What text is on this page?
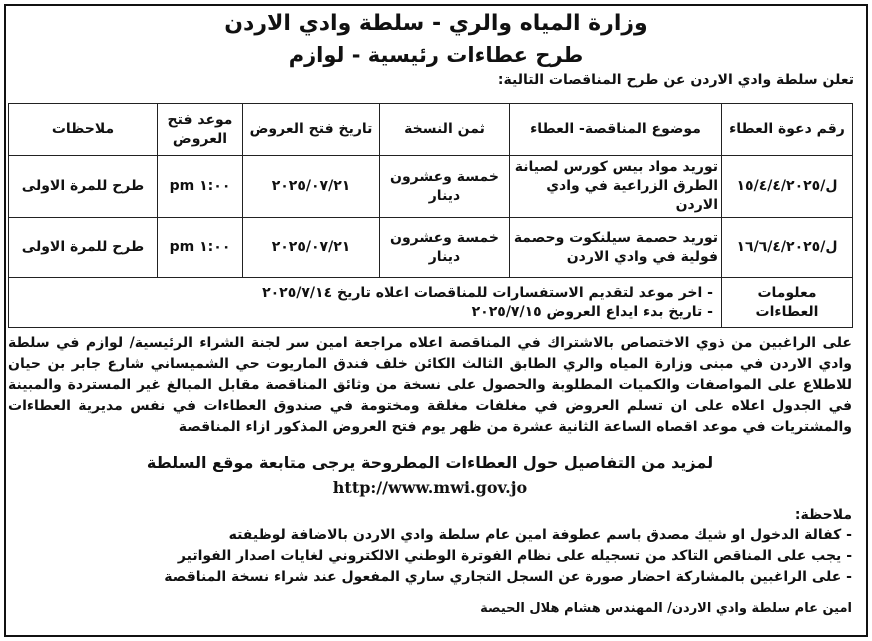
وزارة المياه والري - سلطة وادي الاردن
طرح عطاءات رئيسية - لوازم
تعلن سلطة وادي الاردن عن طرح المناقصات التالية:
رقم دعوة العطاء	موضوع المناقصة- العطاء	ثمن النسخة	تاريخ فتح العروض	موعد فتح العروض	ملاحظات
ل/١٥/٤/٤/٢٠٢٥	توريد مواد بيس كورس لصيانة الطرق الزراعية في وادي الاردن	خمسة وعشرون دينار	٢٠٢٥/٠٧/٢١	١:٠٠ pm	طرح للمرة الاولى
ل/١٦/٦/٤/٢٠٢٥	توريد حصمة سيلنكوت وحصمة فولية في وادي الاردن	خمسة وعشرون دينار	٢٠٢٥/٠٧/٢١	١:٠٠ pm	طرح للمرة الاولى
معلومات العطاءات	- اخر موعد لتقديم الاستفسارات للمناقصات اعلاه تاريخ ٢٠٢٥/٧/١٤
- تاريخ بدء ايداع العروض ٢٠٢٥/٧/١٥				
على الراغبين من ذوي الاختصاص بالاشتراك في المناقصة اعلاه مراجعة امين سر لجنة الشراء الرئيسية/ لوازم في سلطة وادي الاردن في مبنى وزارة المياه والري الطابق الثالث الكائن خلف فندق الماريوت حي الشميساني شارع جابر بن حيان للاطلاع على المواصفات والكميات المطلوبة والحصول على نسخة من وثائق المناقصة مقابل المبالغ غير المستردة والمبينة في الجدول اعلاه على ان تسلم العروض في مغلفات مغلقة ومختومة في صندوق العطاءات في نفس مديرية العطاءات والمشتريات في موعد اقصاه الساعة الثانية عشرة من ظهر يوم فتح العروض المذكور ازاء المناقصة
لمزيد من التفاصيل حول العطاءات المطروحة يرجى متابعة موقع السلطة
http://www.mwi.gov.jo
ملاحظة:
- كفالة الدخول او شيك مصدق باسم عطوفة امين عام سلطة وادي الاردن بالاضافة لوظيفته
- يجب على المناقص التاكد من تسجيله على نظام الفوترة الوطني الالكتروني لغايات اصدار الفواتير
- على الراغبين بالمشاركة احضار صورة عن السجل التجاري ساري المفعول عند شراء نسخة المناقصة
امين عام سلطة وادي الاردن/ المهندس هشام هلال الحيصة
